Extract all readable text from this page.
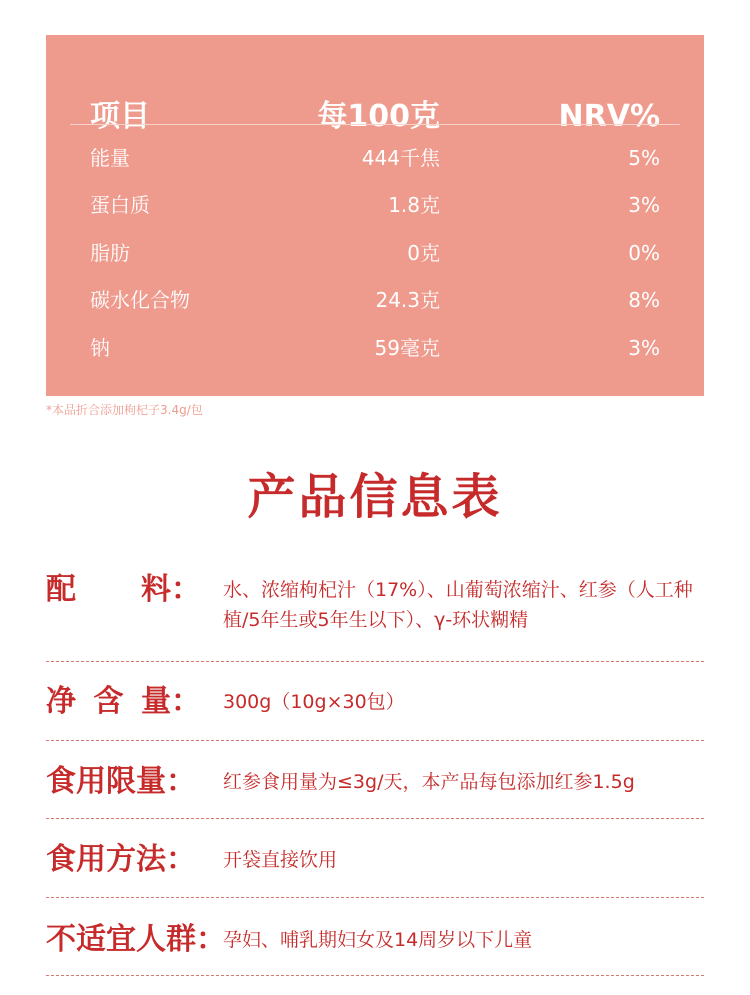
项目	每100克	NRV%
能量	444千焦	5%
蛋白质	1.8克	3%
脂肪	0克	0%
碳水化合物	24.3克	8%
钠	59毫克	3%
*本品折合添加枸杞子3.4g/包
产品信息表
配 料： 水、浓缩枸杞汁（17%）、山葡萄浓缩汁、红参（人工种植/5年生或5年生以下）、γ-环状糊精
净 含 量： 300g（10g×30包）
食用限量： 红参食用量为≤3g/天，本产品每包添加红参1.5g
食用方法： 开袋直接饮用
不适宜人群：
孕妇、哺乳期妇女及14周岁以下儿童
